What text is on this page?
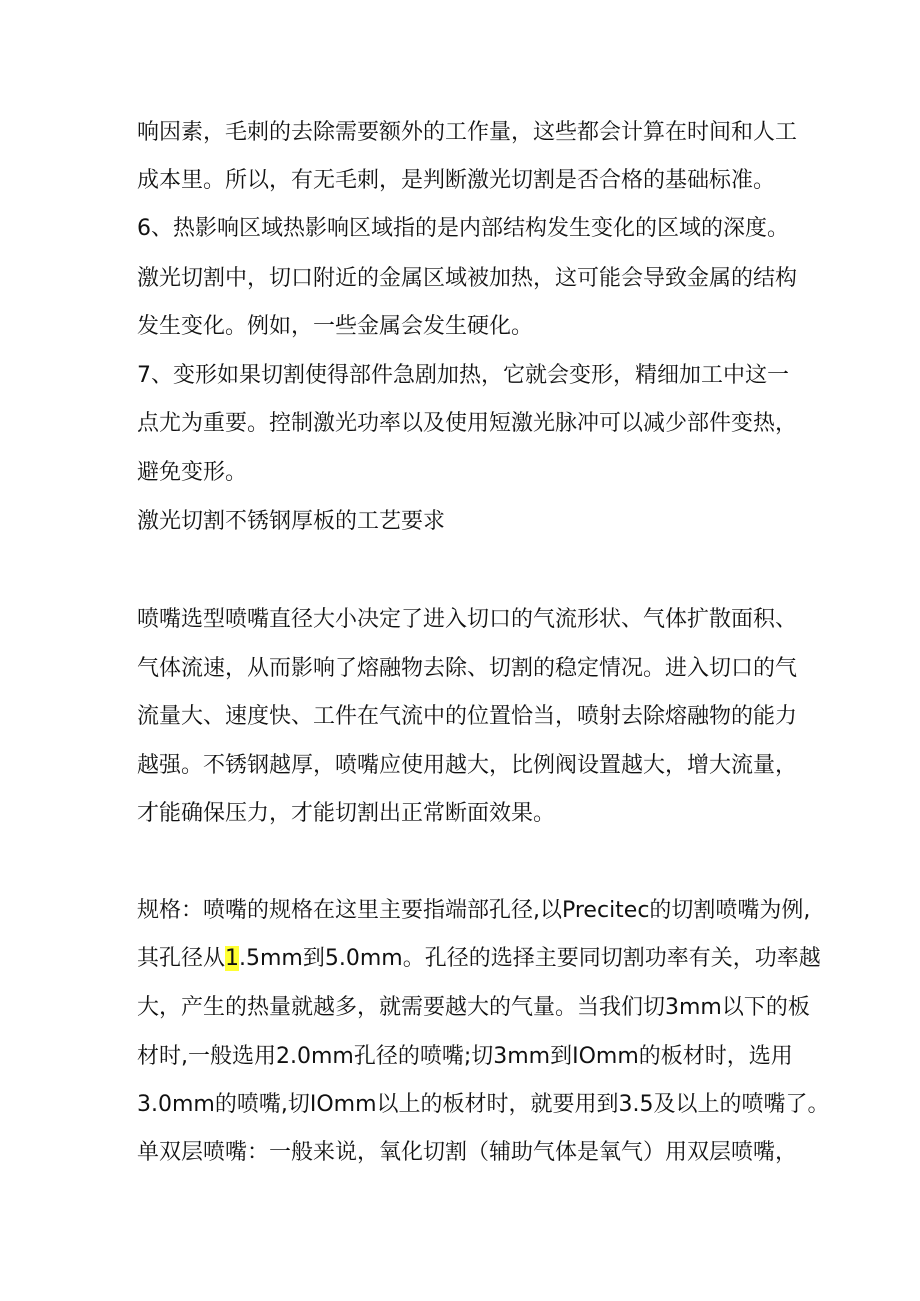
响因素，毛刺的去除需要额外的工作量，这些都会计算在时间和人工
成本里。所以，有无毛刺，是判断激光切割是否合格的基础标准。
6、热影响区域热影响区域指的是内部结构发生变化的区域的深度。
激光切割中，切口附近的金属区域被加热，这可能会导致金属的结构
发生变化。例如，一些金属会发生硬化。
7、变形如果切割使得部件急剧加热，它就会变形，精细加工中这一
点尤为重要。控制激光功率以及使用短激光脉冲可以减少部件变热，
避免变形。
激光切割不锈钢厚板的工艺要求
喷嘴选型喷嘴直径大小决定了进入切口的气流形状、气体扩散面积、
气体流速，从而影响了熔融物去除、切割的稳定情况。进入切口的气
流量大、速度快、工件在气流中的位置恰当，喷射去除熔融物的能力
越强。不锈钢越厚，喷嘴应使用越大，比例阀设置越大，增大流量，
才能确保压力，才能切割出正常断面效果。
规格：喷嘴的规格在这里主要指端部孔径,以Precitec的切割喷嘴为例,
其孔径从1.5mm到5.0mm。孔径的选择主要同切割功率有关，功率越
大，产生的热量就越多，就需要越大的气量。当我们切3mm以下的板
材时,一般选用2.0mm孔径的喷嘴;切3mm到IOmm的板材时，选用
3.0mm的喷嘴,切IOmm以上的板材时，就要用到3.5及以上的喷嘴了。
单双层喷嘴：一般来说，氧化切割（辅助气体是氧气）用双层喷嘴，
